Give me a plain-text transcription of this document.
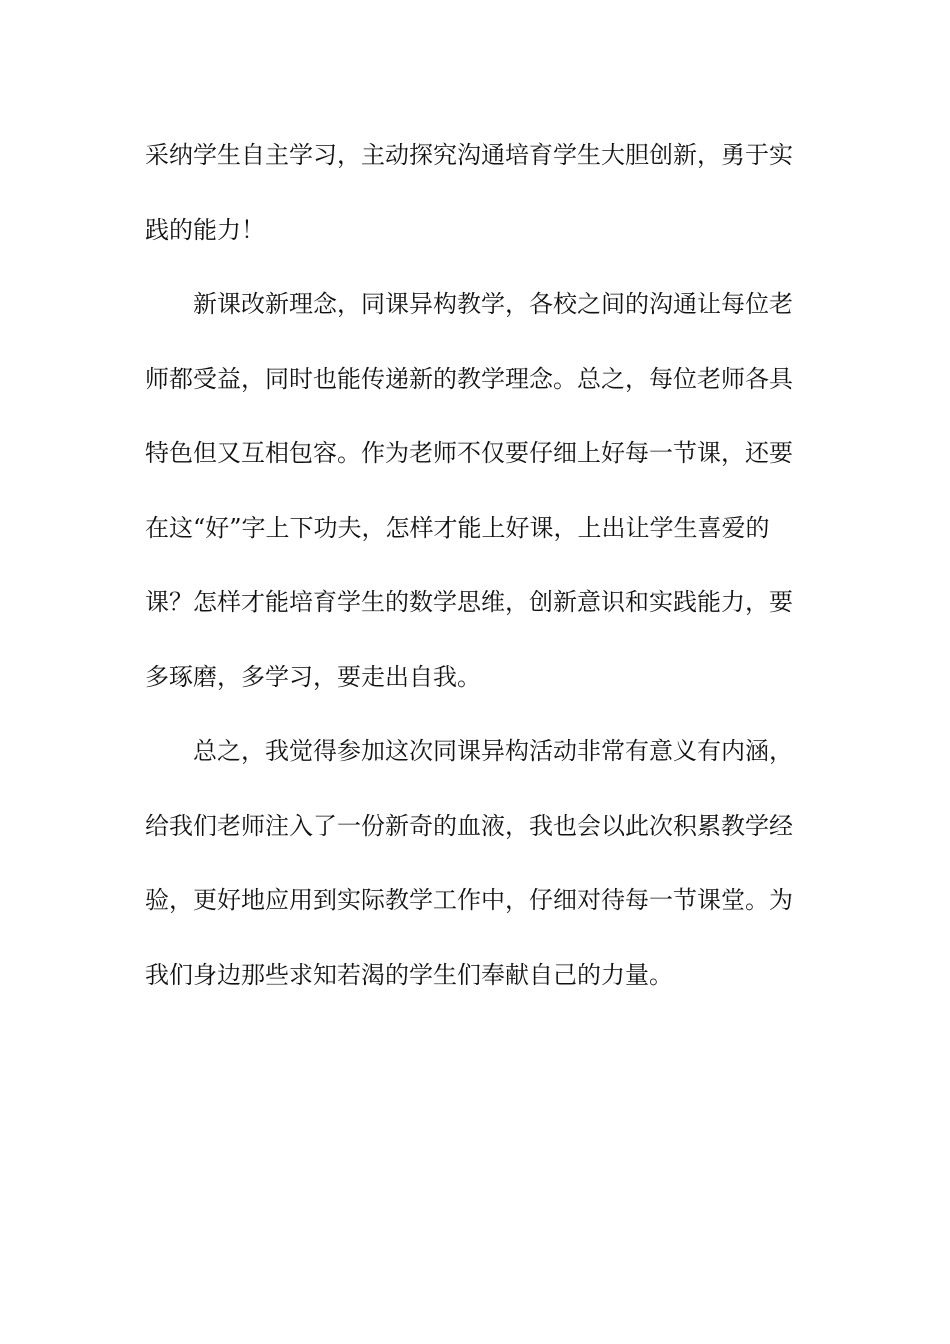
采纳学生自主学习，主动探究沟通培育学生大胆创新，勇于实
践的能力！
新课改新理念，同课异构教学，各校之间的沟通让每位老
师都受益，同时也能传递新的教学理念。总之，每位老师各具
特色但又互相包容。作为老师不仅要仔细上好每一节课，还要
在这“好”字上下功夫，怎样才能上好课，上出让学生喜爱的
课？怎样才能培育学生的数学思维，创新意识和实践能力，要
多琢磨，多学习，要走出自我。
总之，我觉得参加这次同课异构活动非常有意义有内涵，
给我们老师注入了一份新奇的血液，我也会以此次积累教学经
验，更好地应用到实际教学工作中，仔细对待每一节课堂。为
我们身边那些求知若渴的学生们奉献自己的力量。
